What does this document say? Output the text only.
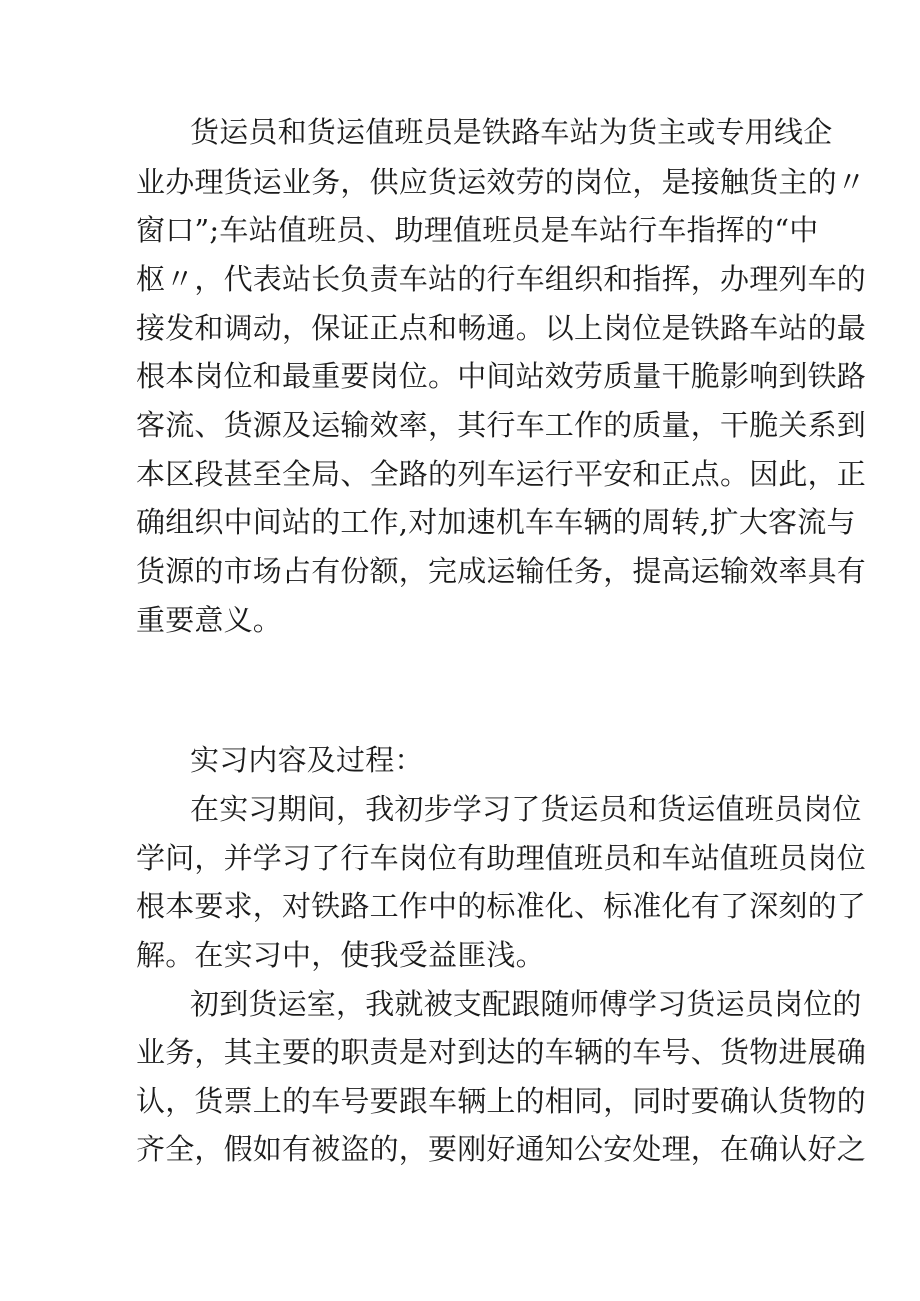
货运员和货运值班员是铁路车站为货主或专用线企
业办理货运业务，供应货运效劳的岗位，是接触货主的〃
窗口”;车站值班员、助理值班员是车站行车指挥的“中
枢〃，代表站长负责车站的行车组织和指挥，办理列车的
接发和调动，保证正点和畅通。以上岗位是铁路车站的最
根本岗位和最重要岗位。中间站效劳质量干脆影响到铁路
客流、货源及运输效率，其行车工作的质量，干脆关系到
本区段甚至全局、全路的列车运行平安和正点。因此，正
确组织中间站的工作,对加速机车车辆的周转,扩大客流与
货源的市场占有份额，完成运输任务，提高运输效率具有
重要意义。
实习内容及过程：
在实习期间，我初步学习了货运员和货运值班员岗位
学问，并学习了行车岗位有助理值班员和车站值班员岗位
根本要求，对铁路工作中的标准化、标准化有了深刻的了
解。在实习中，使我受益匪浅。
初到货运室，我就被支配跟随师傅学习货运员岗位的
业务，其主要的职责是对到达的车辆的车号、货物进展确
认，货票上的车号要跟车辆上的相同，同时要确认货物的
齐全，假如有被盗的，要刚好通知公安处理，在确认好之
